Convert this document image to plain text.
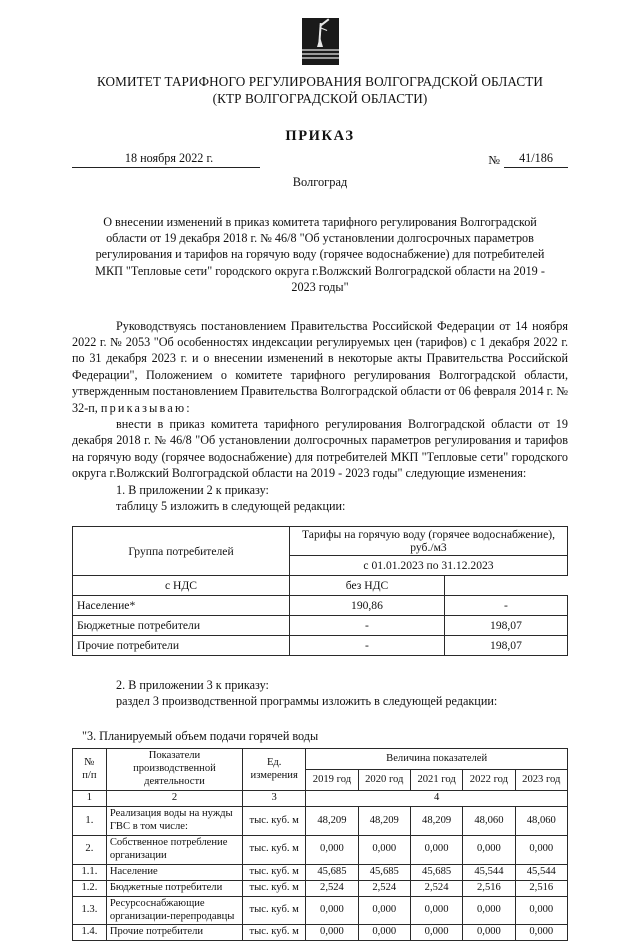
КОМИТЕТ ТАРИФНОГО РЕГУЛИРОВАНИЯ ВОЛГОГРАДСКОЙ ОБЛАСТИ
(КТР ВОЛГОГРАДСКОЙ ОБЛАСТИ)
ПРИКАЗ
18 ноября 2022 г.	№	41/186
Волгоград
О внесении изменений в приказ комитета тарифного регулирования Волгоградской области от 19 декабря 2018 г. № 46/8 "Об установлении долгосрочных параметров регулирования и тарифов на горячую воду (горячее водоснабжение) для потребителей МКП "Тепловые сети" городского округа г.Волжский Волгоградской области на 2019 - 2023 годы"

Руководствуясь постановлением Правительства Российской Федерации от 14 ноября 2022 г. № 2053 "Об особенностях индексации регулируемых цен (тарифов) с 1 декабря 2022 г. по 31 декабря 2023 г. и о внесении изменений в некоторые акты Правительства Российской Федерации", Положением о комитете тарифного регулирования Волгоградской области, утвержденным постановлением Правительства Волгоградской области от 06 февраля 2014 г. № 32-п, приказываю:

внести в приказ комитета тарифного регулирования Волгоградской области от 19 декабря 2018 г. № 46/8 "Об установлении долгосрочных параметров регулирования и тарифов на горячую воду (горячее водоснабжение) для потребителей МКП "Тепловые сети" городского округа г.Волжский Волгоградской области на 2019 - 2023 годы" следующие изменения:

1. В приложении 2 к приказу:
таблицу 5 изложить в следующей редакции:
Группа потребителей	Тарифы на горячую воду (горячее водоснабжение), руб./м3	
	с 01.01.2023 по 31.12.2023	
с НДС	без НДС	
Население*	190,86	-
Бюджетные потребители	-	198,07
Прочие потребители	-	198,07
2. В приложении 3 к приказу:
раздел 3 производственной программы изложить в следующей редакции:
"3. Планируемый объем подачи горячей воды
№
п/п

Показатели
производственной
деятельности

Ед.
измерения
	Величина показателей
			2019 год	2020 год	2021 год	2022 год	2023 год
1	2	3	4				
1.	Реализация воды на нужды ГВС в том числе:	тыс. куб. м	48,209	48,209	48,209	48,060	48,060
2.	Собственное потребление организации	тыс. куб. м	0,000	0,000	0,000	0,000	0,000
1.1.	Население	тыс. куб. м	45,685	45,685	45,685	45,544	45,544
1.2.	Бюджетные потребители	тыс. куб. м	2,524	2,524	2,524	2,516	2,516
1.3.	Ресурсоснабжающие организации-перепродавцы	тыс. куб. м	0,000	0,000	0,000	0,000	0,000
1.4.	Прочие потребители	тыс. куб. м	0,000	0,000	0,000	0,000	0,000
